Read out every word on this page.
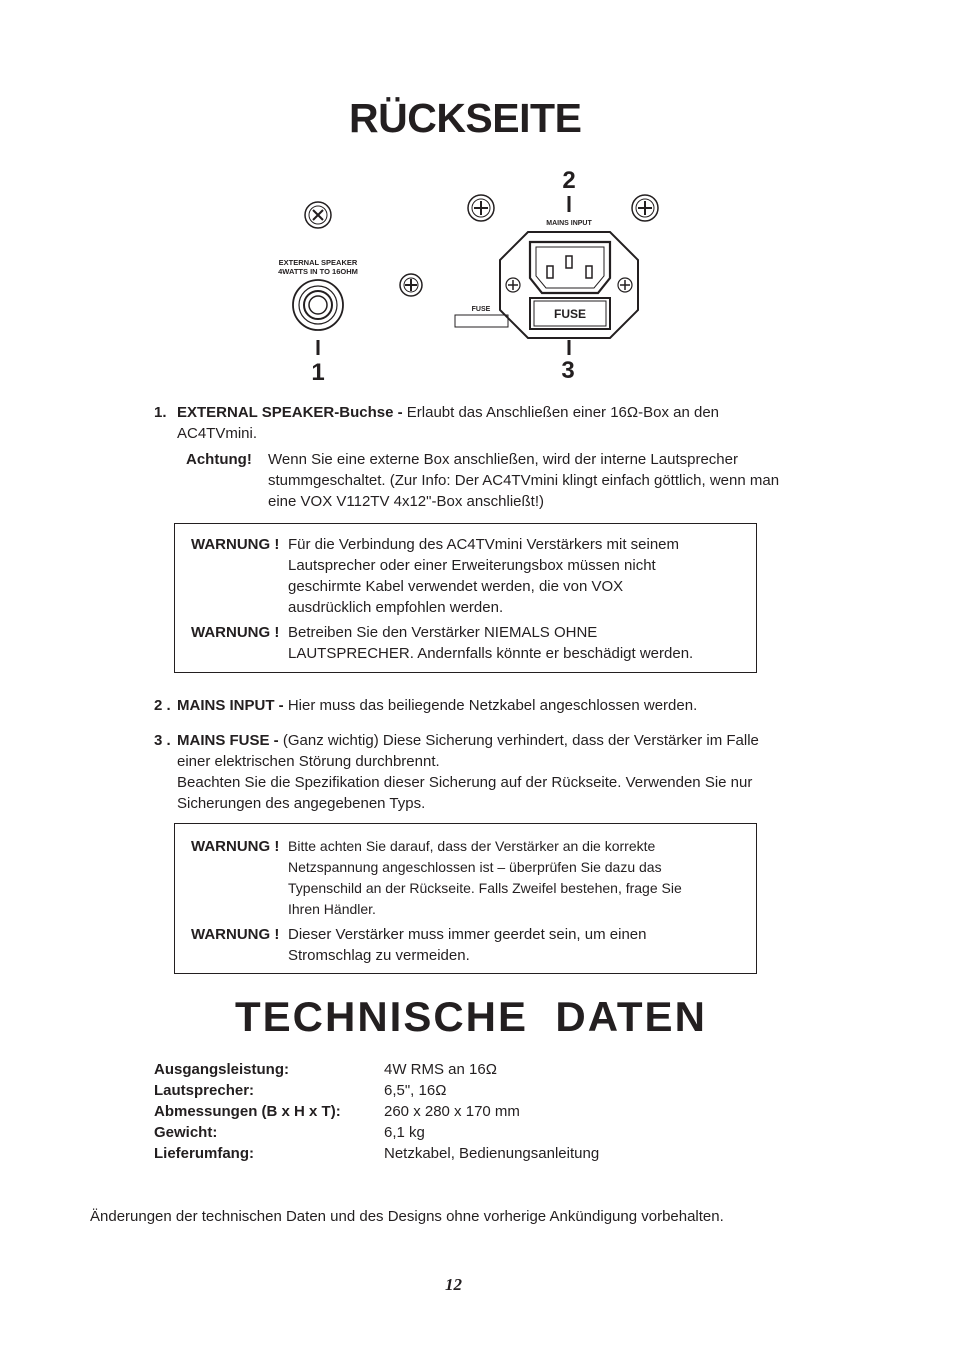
RÜCKSEITE
EXTERNAL SPEAKER
4WATTS IN TO 16OHM
1
FUSE
2
MAINS INPUT
FUSE
3
1. EXTERNAL SPEAKER-Buchse - Erlaubt das Anschließen einer 16Ω-Box an den
AC4TVmini.
Achtung! Wenn Sie eine externe Box anschließen, wird der interne Lautsprecher
stummgeschaltet. (Zur Info: Der AC4TVmini klingt einfach göttlich, wenn man
eine VOX V112TV 4x12"-Box anschließt!)
WARNUNG ! Für die Verbindung des AC4TVmini Verstärkers mit seinem
Lautsprecher oder einer Erweiterungsbox müssen nicht
geschirmte Kabel verwendet werden, die von VOX
ausdrücklich empfohlen werden.
WARNUNG ! Betreiben Sie den Verstärker NIEMALS OHNE
LAUTSPRECHER. Andernfalls könnte er beschädigt werden.
2 . MAINS INPUT - Hier muss das beiliegende Netzkabel angeschlossen werden.
3 . MAINS FUSE - (Ganz wichtig) Diese Sicherung verhindert, dass der Verstärker im Falle
einer elektrischen Störung durchbrennt.
Beachten Sie die Spezifikation dieser Sicherung auf der Rückseite. Verwenden Sie nur
Sicherungen des angegebenen Typs.
WARNUNG ! Bitte achten Sie darauf, dass der Verstärker an die korrekte
Netzspannung angeschlossen ist – überprüfen Sie dazu das
Typenschild an der Rückseite. Falls Zweifel bestehen, frage Sie
Ihren Händler.
WARNUNG ! Dieser Verstärker muss immer geerdet sein, um einen
Stromschlag zu vermeiden.
TECHNISCHE  DATEN
Ausgangsleistung:	4W RMS an 16Ω
Lautsprecher:	6,5", 16Ω
Abmessungen (B x H x T):	260 x 280 x 170 mm
Gewicht:	6,1 kg
Lieferumfang:	Netzkabel, Bedienungsanleitung
Änderungen der technischen Daten und des Designs ohne vorherige Ankündigung vorbehalten.
12
